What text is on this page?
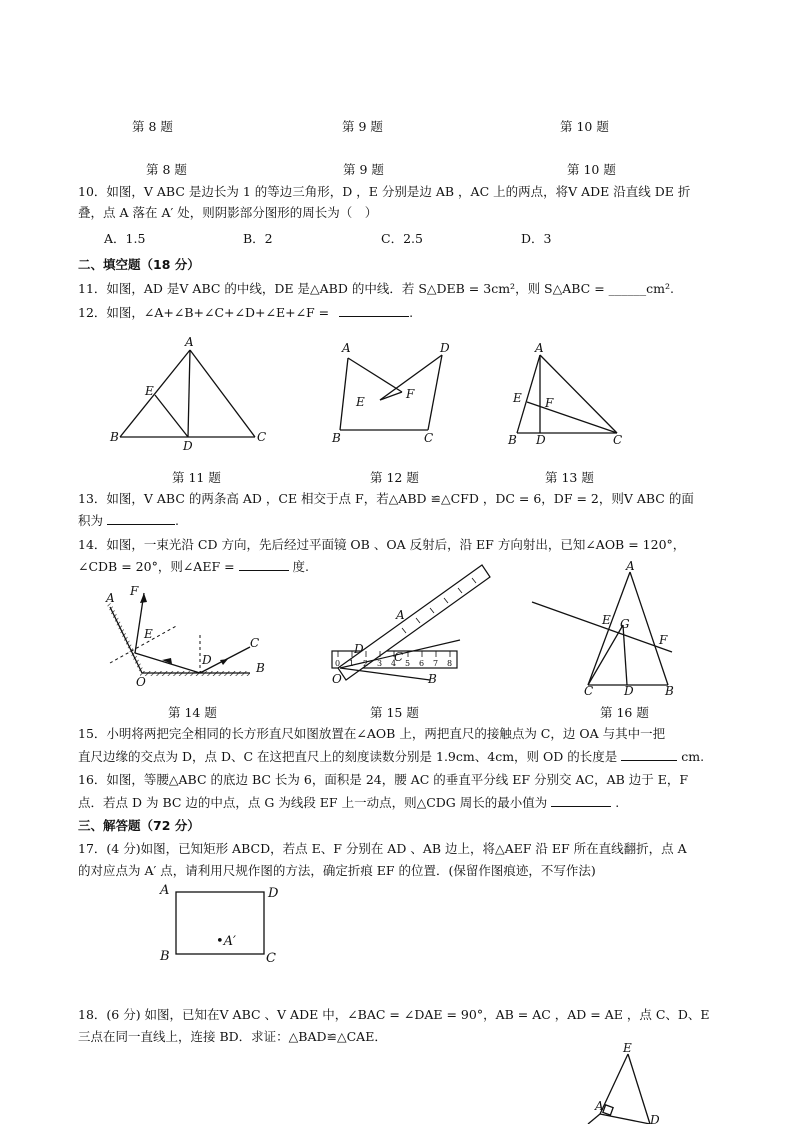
第 8 题	第 9 题	第 10 题
第 8 题	第 9 题	第 10 题
10．如图，V ABC 是边长为 1 的等边三角形，D ，E 分别是边 AB ，AC 上的两点，将V ADE 沿直线 DE 折
叠，点 A 落在 A′ 处，则阴影部分图形的周长为（　）
A．1.5	B．2	C．2.5	D．3
二、填空题（18 分）
11．如图，AD 是V ABC 的中线，DE 是△ABD 的中线．若 S△DEB = 3cm²，则 S△ABC = ______cm².
12．如图，∠A+∠B+∠C+∠D+∠E+∠F =	.
A
E
B
D
C
A	D
E
F
B	C
A
E F
B D	C
第 11 题	第 12 题	第 13 题
13．如图，V ABC 的两条高 AD ，CE 相交于点 F，若△ABD ≌△CFD ，DC = 6，DF = 2，则V ABC 的面
积为	.
14．如图，一束光沿 CD 方向，先后经过平面镜 OB 、OA 反射后，沿 EF 方向射出，已知∠AOB = 120°，
∠CDB = 20°，则∠AEF =	度.
A F
E
C
D
B
O
0 1 2 3 4 5 6 7 8
A
D
C
O	B
A
E G
F
C	D	B
第 14 题	第 15 题	第 16 题
15．小明将两把完全相同的长方形直尺如图放置在∠AOB 上，两把直尺的接触点为 C，边 OA 与其中一把
直尺边缘的交点为 D，点 D、C 在这把直尺上的刻度读数分别是 1.9cm、4cm，则 OD 的长度是	cm.
16．如图，等腰△ABC 的底边 BC 长为 6，面积是 24，腰 AC 的垂直平分线 EF 分别交 AC，AB 边于 E，F
点．若点 D 为 BC 边的中点，点 G 为线段 EF 上一动点，则△CDG 周长的最小值为	.
三、解答题（72 分）
17．(4 分)如图，已知矩形 ABCD，若点 E、F 分别在 AD 、AB 边上，将△AEF 沿 EF 所在直线翻折，点 A
的对应点为 A′ 点，请利用尺规作图的方法，确定折痕 EF 的位置．(保留作图痕迹，不写作法)
A	D
B	C
•A′
18．(6 分) 如图，已知在V ABC 、V ADE 中，∠BAC = ∠DAE = 90°，AB = AC ，AD = AE ，点 C、D、E
三点在同一直线上，连接 BD．求证：△BAD≌△CAE．
E
A
D
